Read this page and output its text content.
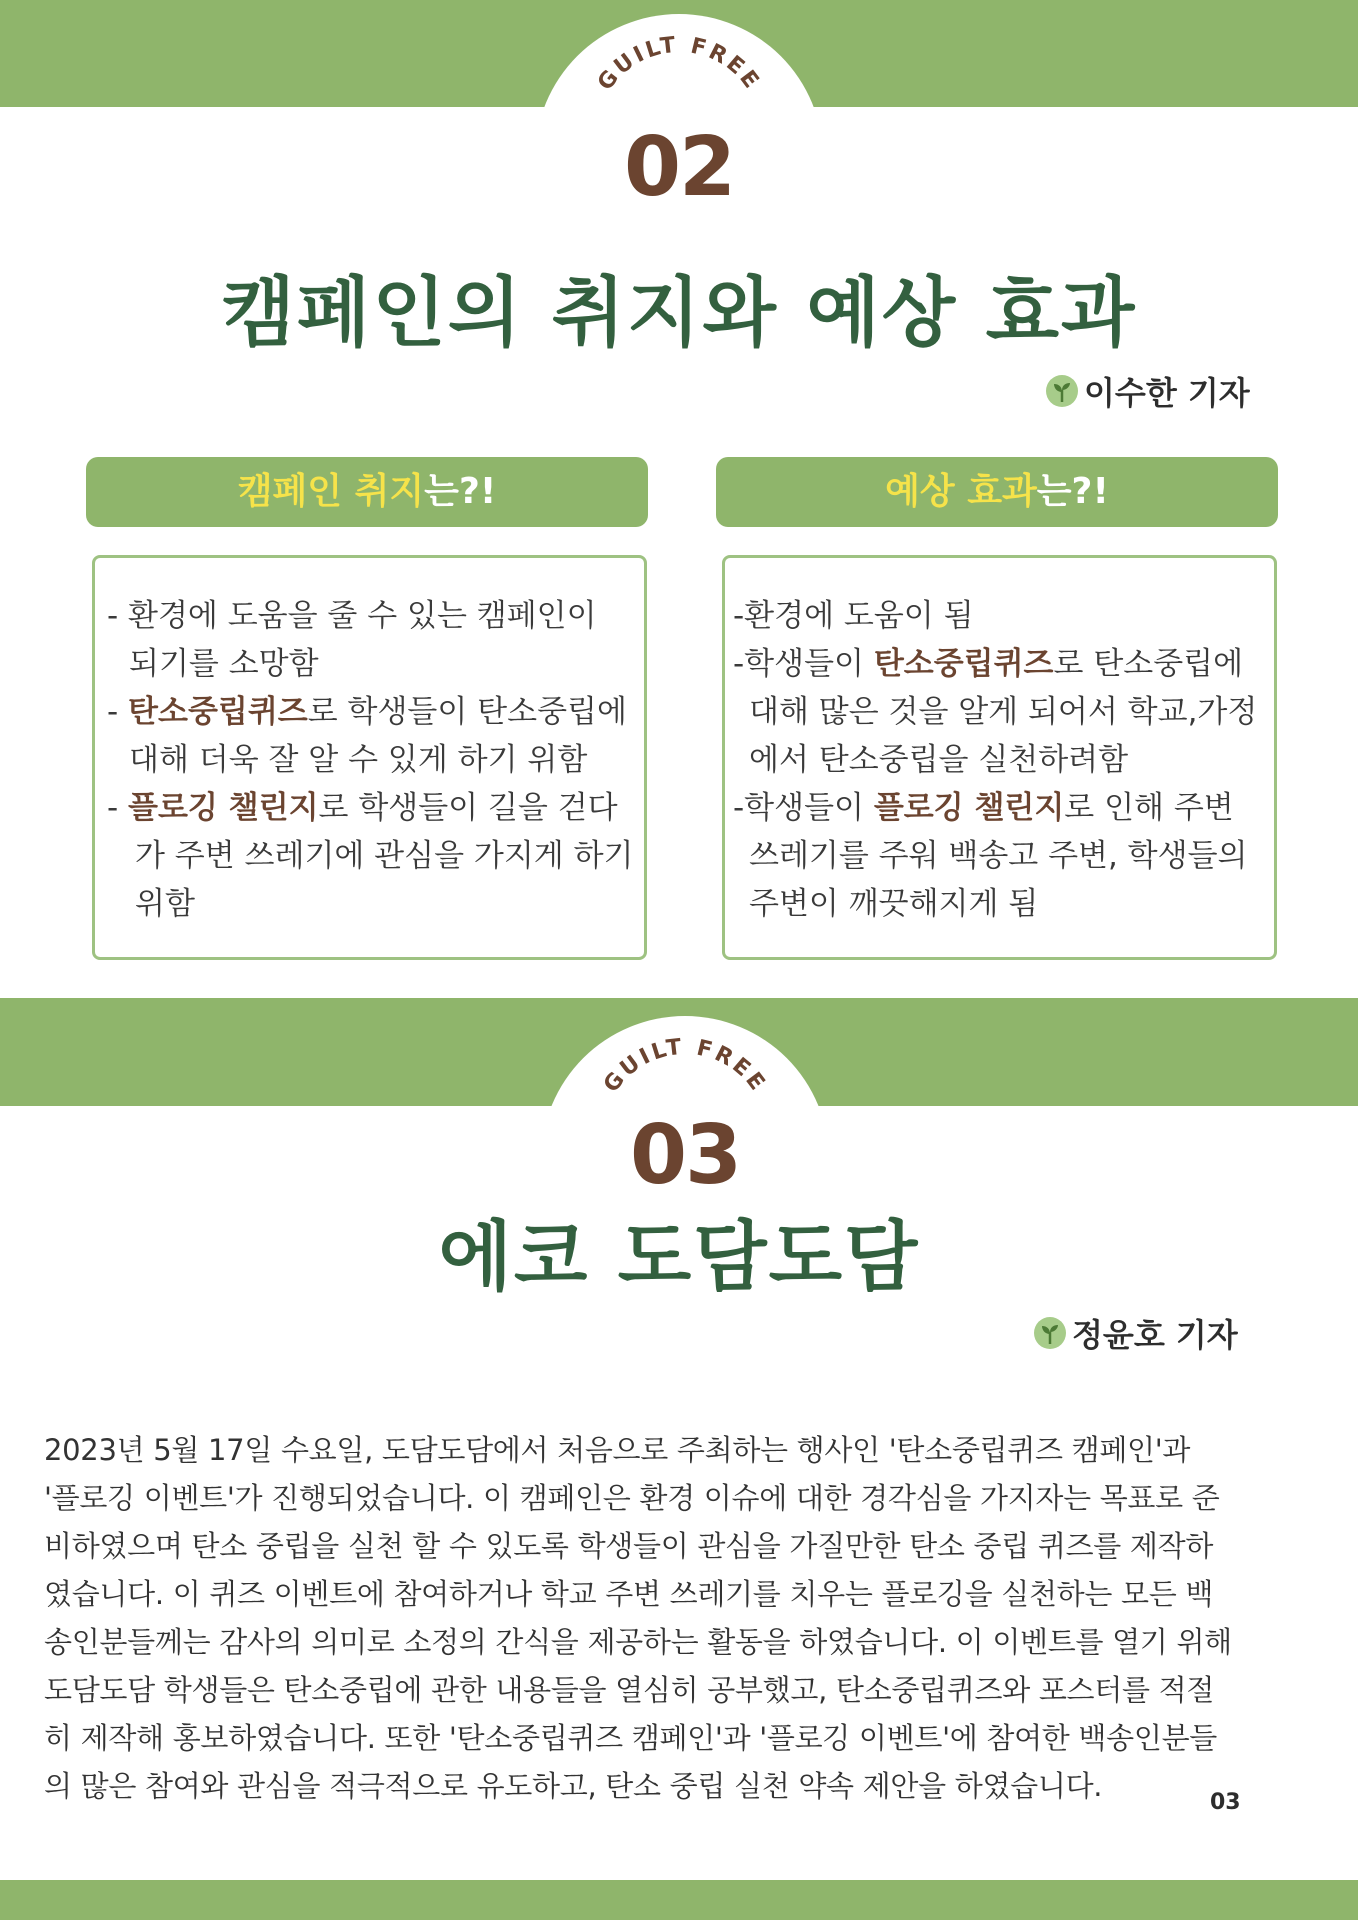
GUILT FREE
02
캠페인의 취지와 예상 효과
이수한 기자
캠페인 취지는?!	예상 효과는?!
- 환경에 도움을 줄 수 있는 캠페인이
되기를 소망함
- 탄소중립퀴즈로 학생들이 탄소중립에
대해 더욱 잘 알 수 있게 하기 위함
- 플로깅 챌린지로 학생들이 길을 걷다
가 주변 쓰레기에 관심을 가지게 하기
위함
-환경에 도움이 됨
-학생들이 탄소중립퀴즈로 탄소중립에
대해 많은 것을 알게 되어서 학교,가정
에서 탄소중립을 실천하려함
-학생들이 플로깅 챌린지로 인해 주변
쓰레기를 주워 백송고 주변, 학생들의
주변이 깨끗해지게 됨
GUILT FREE
03
에코 도담도담
정윤호 기자
2023년 5월 17일 수요일, 도담도담에서 처음으로 주최하는 행사인 '탄소중립퀴즈 캠페인'과
'플로깅 이벤트'가 진행되었습니다. 이 캠페인은 환경 이슈에 대한 경각심을 가지자는 목표로 준
비하였으며 탄소 중립을 실천 할 수 있도록 학생들이 관심을 가질만한 탄소 중립 퀴즈를 제작하
였습니다. 이 퀴즈 이벤트에 참여하거나 학교 주변 쓰레기를 치우는 플로깅을 실천하는 모든 백
송인분들께는 감사의 의미로 소정의 간식을 제공하는 활동을 하였습니다. 이 이벤트를 열기 위해
도담도담 학생들은 탄소중립에 관한 내용들을 열심히 공부했고, 탄소중립퀴즈와 포스터를 적절
히 제작해 홍보하였습니다. 또한 '탄소중립퀴즈 캠페인'과 '플로깅 이벤트'에 참여한 백송인분들
의 많은 참여와 관심을 적극적으로 유도하고, 탄소 중립 실천 약속 제안을 하였습니다.	03
